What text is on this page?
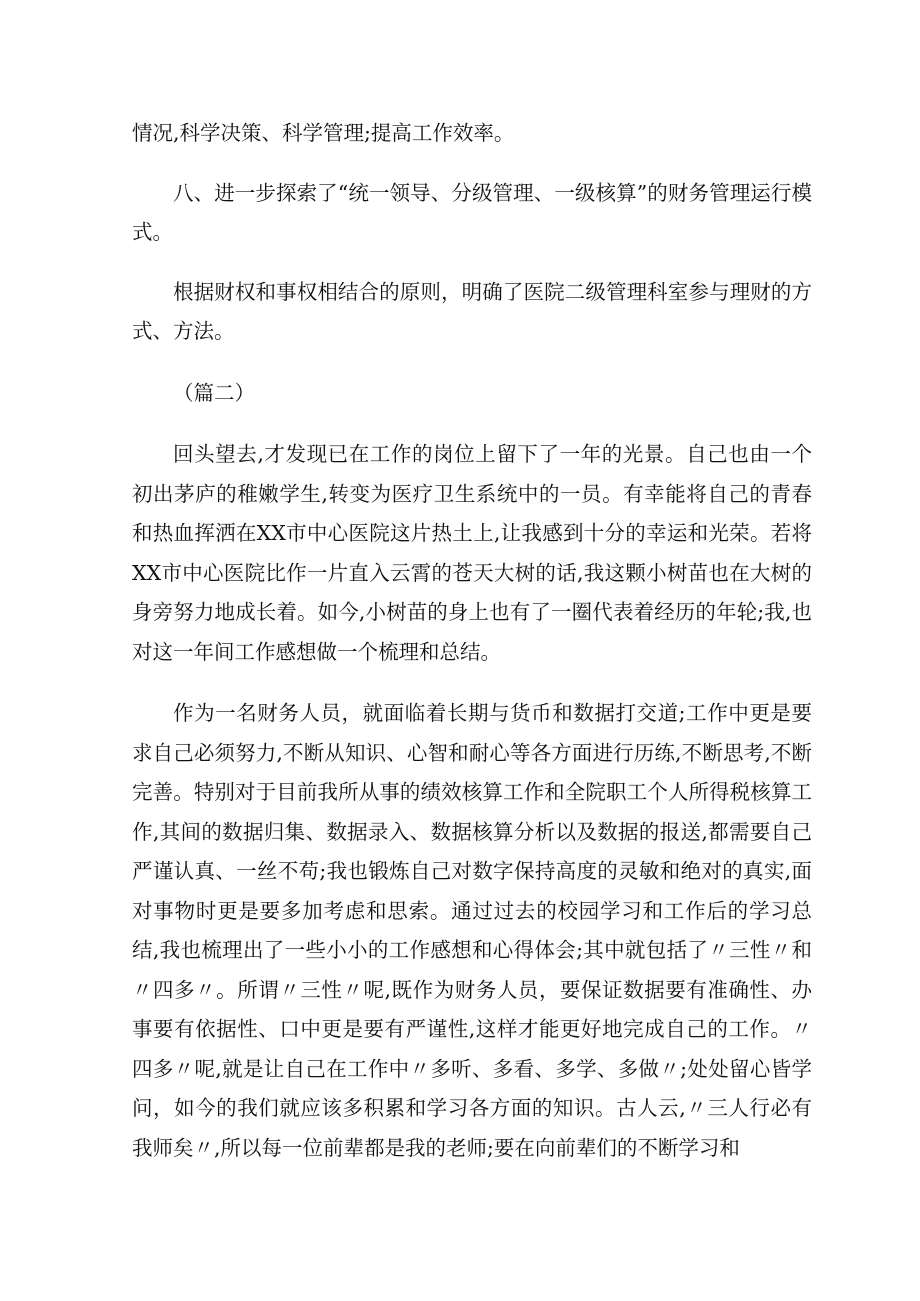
情况,科学决策、科学管理;提高工作效率。

八、进一步探索了“统一领导、分级管理、一级核算”的财务管理运行模式。

根据财权和事权相结合的原则，明确了医院二级管理科室参与理财的方式、方法。

（篇二）

回头望去,才发现已在工作的岗位上留下了一年的光景。自己也由一个初出茅庐的稚嫩学生,转变为医疗卫生系统中的一员。有幸能将自己的青春和热血挥洒在XX市中心医院这片热土上,让我感到十分的幸运和光荣。若将XX市中心医院比作一片直入云霄的苍天大树的话,我这颗小树苗也在大树的身旁努力地成长着。如今,小树苗的身上也有了一圈代表着经历的年轮;我,也对这一年间工作感想做一个梳理和总结。

作为一名财务人员，就面临着长期与货币和数据打交道;工作中更是要求自己必须努力,不断从知识、心智和耐心等各方面进行历练,不断思考,不断完善。特别对于目前我所从事的绩效核算工作和全院职工个人所得税核算工作,其间的数据归集、数据录入、数据核算分析以及数据的报送,都需要自己严谨认真、一丝不苟;我也锻炼自己对数字保持高度的灵敏和绝对的真实,面对事物时更是要多加考虑和思索。通过过去的校园学习和工作后的学习总结,我也梳理出了一些小小的工作感想和心得体会;其中就包括了〃三性〃和〃四多〃。所谓〃三性〃呢,既作为财务人员，要保证数据要有准确性、办事要有依据性、口中更是要有严谨性,这样才能更好地完成自己的工作。〃四多〃呢,就是让自己在工作中〃多听、多看、多学、多做〃;处处留心皆学问，如今的我们就应该多积累和学习各方面的知识。古人云,〃三人行必有我师矣〃,所以每一位前辈都是我的老师;要在向前辈们的不断学习和
